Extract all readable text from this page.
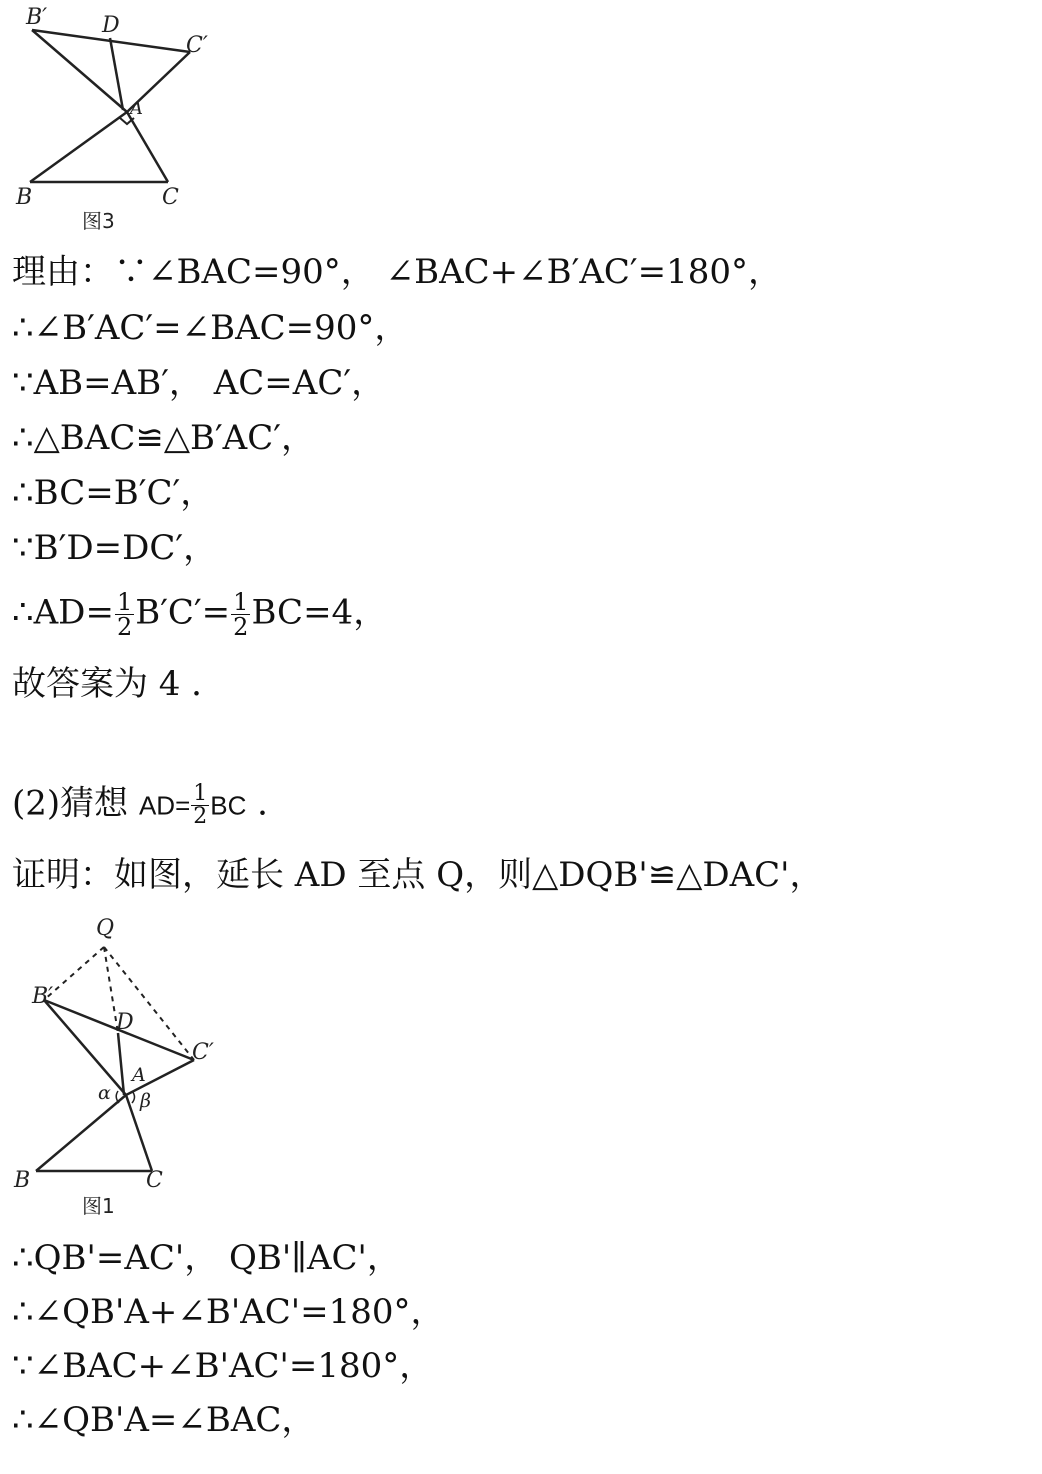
B′ D
C′
A
B	C
图3
理由：∵∠BAC=90°， ∠BAC+∠B′AC′=180°，
∴∠B′AC′=∠BAC=90°，
∵AB=AB′， AC=AC′，
∴△BAC≌△B′AC′，
∴BC=B′C′，
∵B′D=DC′，
∴AD= $\frac{1}{2} B'C'= \frac{1}{2} BC=4$，
故答案为 4 ．
(2)猜想 $AD= \frac{1}{2}$ BC ．
证明：如图，延长 AD 至点 Q，则△DQB'≌△DAC'，
Q
B′
D
C′
A
α β
B	C
图1
∴QB'=AC'， QB'∥AC'，
∴∠QB'A+∠B'AC'=180°，
∵∠BAC+∠B'AC'=180°，
∴∠QB'A=∠BAC，
